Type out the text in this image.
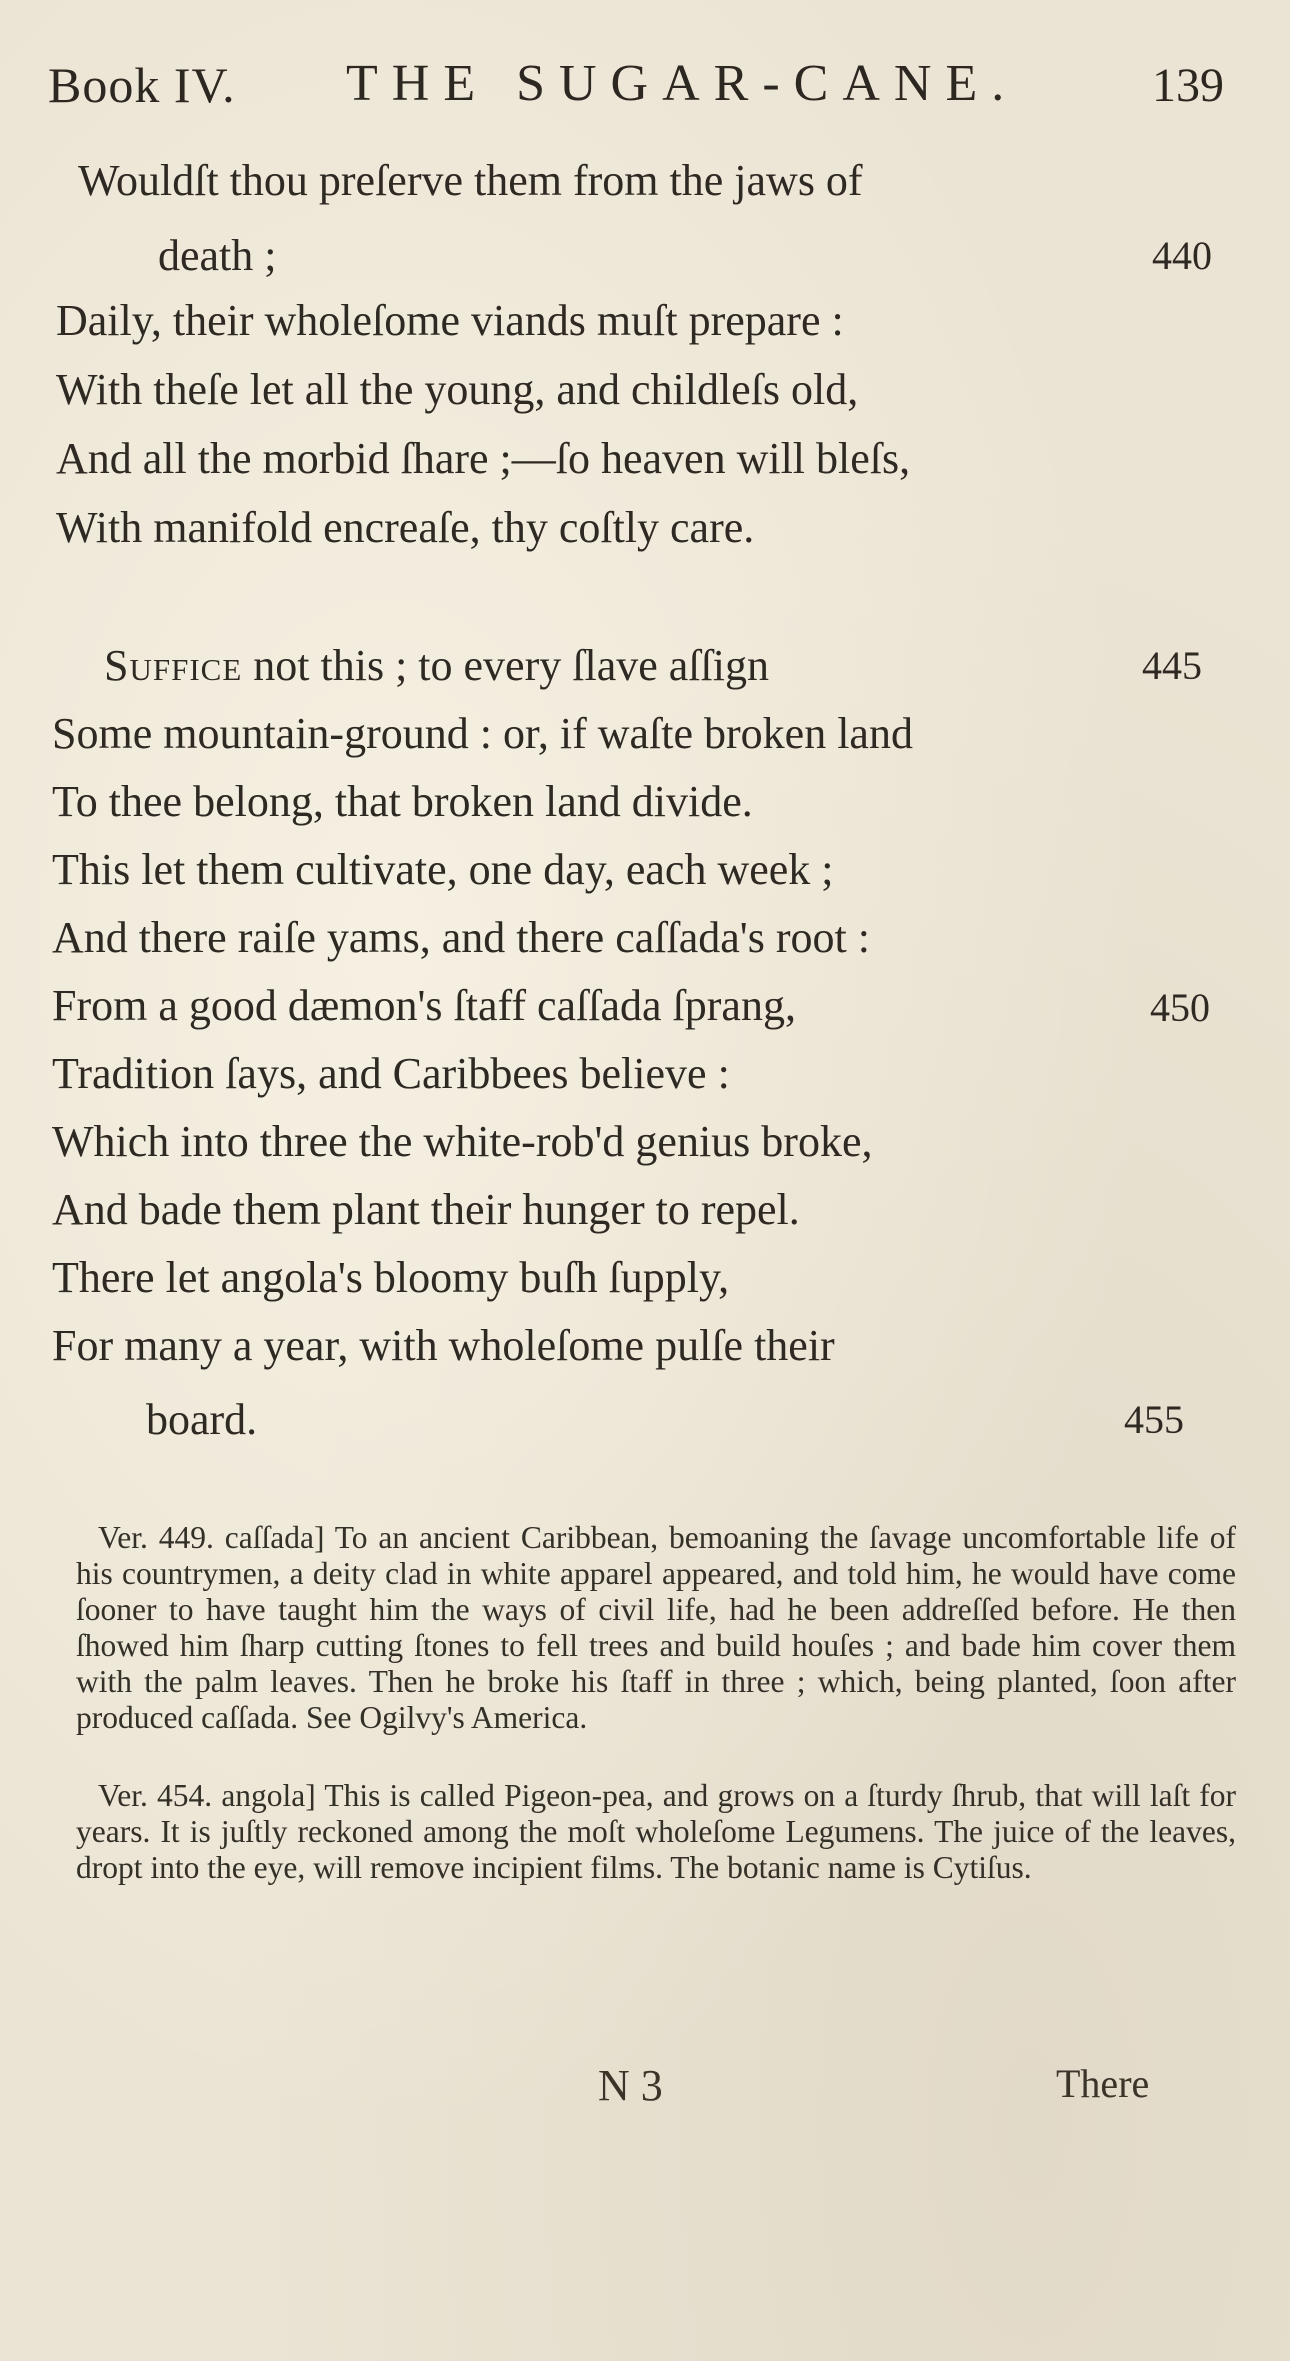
Book IV. THE SUGAR-CANE.	139
Wouldſt thou preſerve them from the jaws of
death ;	440
Daily, their wholeſome viands muſt prepare :
With theſe let all the young, and childleſs old,
And all the morbid ſhare ;—ſo heaven will bleſs,
With manifold encreaſe, thy coſtly care.
Suffice not this ; to every ſlave aſſign	445
Some mountain-ground : or, if waſte broken land
To thee belong, that broken land divide.
This let them cultivate, one day, each week ;
And there raiſe yams, and there caſſada's root :
From a good dæmon's ſtaff caſſada ſprang,	450
Tradition ſays, and Caribbees believe :
Which into three the white-rob'd genius broke,
And bade them plant their hunger to repel.
There let angola's bloomy buſh ſupply,
For many a year, with wholeſome pulſe their
board.	455
Ver. 449. caſſada] To an ancient Caribbean, bemoaning the ſavage uncomfortable life of his countrymen, a deity clad in white apparel appeared, and told him, he would have come ſooner to have taught him the ways of civil life, had he been addreſſed before. He then ſhowed him ſharp cutting ſtones to fell trees and build houſes ; and bade him cover them with the palm leaves. Then he broke his ſtaff in three ; which, being planted, ſoon after produced caſſada. See Ogilvy's America.
Ver. 454. angola] This is called Pigeon-pea, and grows on a ſturdy ſhrub, that will laſt for years. It is juſtly reckoned among the moſt wholeſome Legumens. The juice of the leaves, dropt into the eye, will remove incipient films. The botanic name is Cytiſus.
N 3	There
